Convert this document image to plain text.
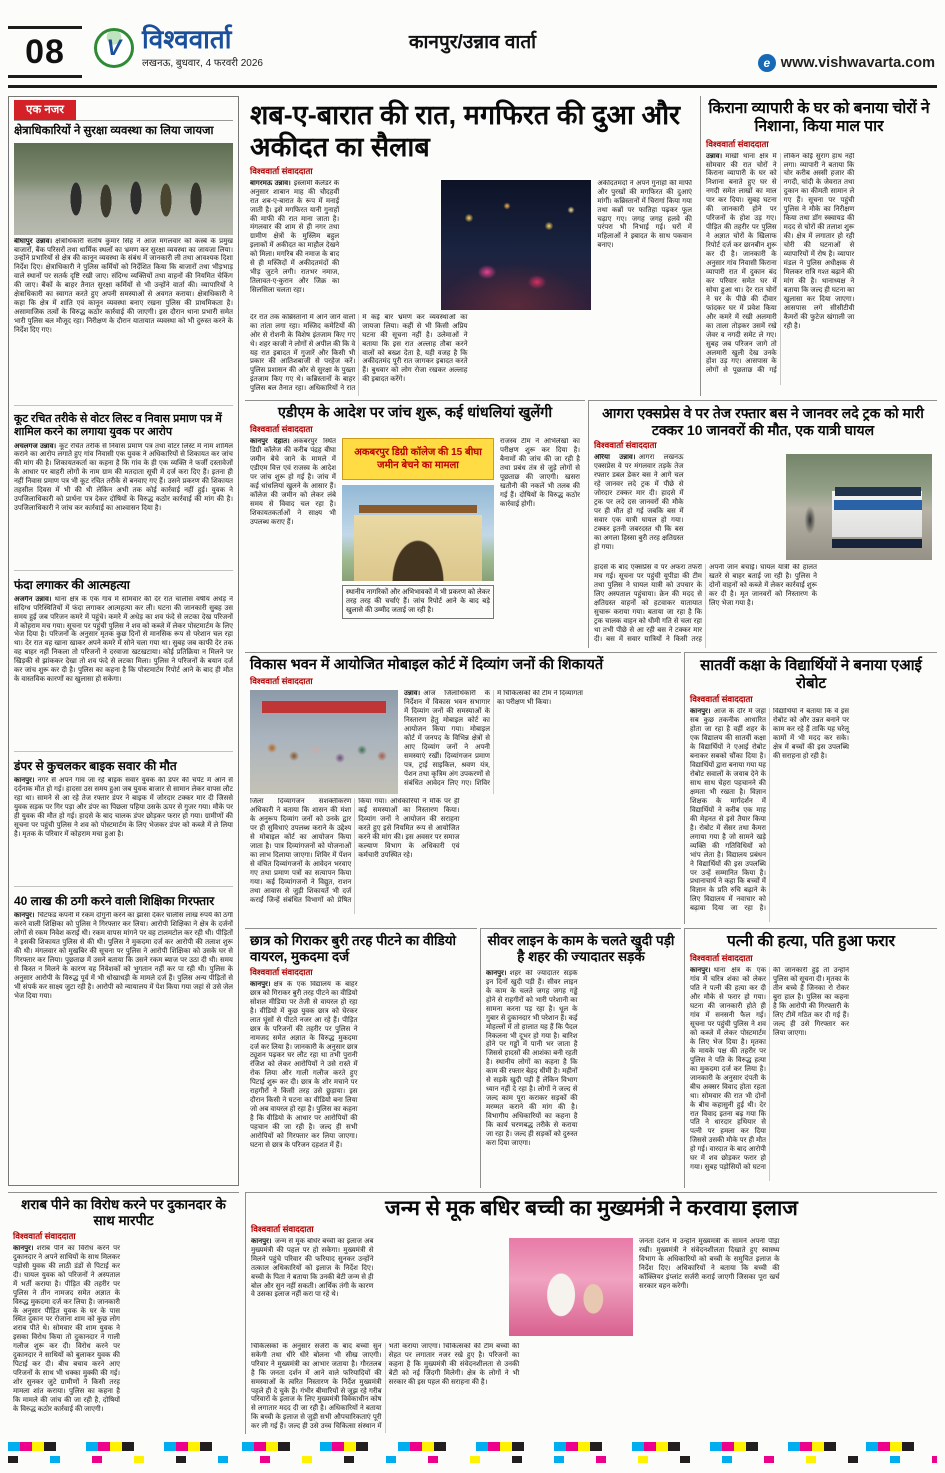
08	V विश्ववार्ता
लखनऊ, बुधवार, 4 फरवरी 2026
कानपुर/उन्नाव वार्ता
e www.vishwavarta.com
एक नजर
क्षेत्राधिकारियों ने सुरक्षा व्यवस्था का लिया जायजा
बीघापुर उन्नाव। क्षेत्राधिकारी संतोष कुमार सिंह ने आज मंगलवार को कस्बे के प्रमुख बाजारों, बैंक परिसरों तथा धार्मिक स्थलों का भ्रमण कर सुरक्षा व्यवस्था का जायजा लिया। उन्होंने प्रभारियों से क्षेत्र की कानून व्यवस्था के संबंध में जानकारी ली तथा आवश्यक दिशा निर्देश दिए। क्षेत्राधिकारी ने पुलिस कर्मियों को निर्देशित किया कि बाजारों तथा भीड़भाड़ वाले स्थानों पर सतर्क दृष्टि रखी जाए। संदिग्ध व्यक्तियों तथा वाहनों की नियमित चेकिंग की जाए। बैंकों के बाहर तैनात सुरक्षा कर्मियों से भी उन्होंने वार्ता की। व्यापारियों ने क्षेत्राधिकारी का स्वागत करते हुए अपनी समस्याओं से अवगत कराया। क्षेत्राधिकारी ने कहा कि क्षेत्र में शांति एवं कानून व्यवस्था बनाए रखना पुलिस की प्राथमिकता है। असामाजिक तत्वों के विरुद्ध कठोर कार्रवाई की जाएगी। इस दौरान थाना प्रभारी समेत भारी पुलिस बल मौजूद रहा। निरीक्षण के दौरान यातायात व्यवस्था को भी दुरुस्त करने के निर्देश दिए गए।
कूट रचित तरीके से वोटर लिस्ट व निवास प्रमाण पत्र में शामिल करने का लगाया युवक पर आरोप
अचलगंज उन्नाव। कूट रचित तरीके से निवास प्रमाण पत्र तथा वोटर लिस्ट में नाम शामिल कराने का आरोप लगाते हुए गांव निवासी एक युवक ने अधिकारियों से शिकायत कर जांच की मांग की है। शिकायतकर्ता का कहना है कि गांव के ही एक व्यक्ति ने फर्जी दस्तावेजों के आधार पर बाहरी लोगों के नाम ग्राम की मतदाता सूची में दर्ज करा दिए हैं। इतना ही नहीं निवास प्रमाण पत्र भी कूट रचित तरीके से बनवाए गए हैं। उसने प्रकरण की शिकायत तहसील दिवस में भी की थी लेकिन अभी तक कोई कार्रवाई नहीं हुई। युवक ने उपजिलाधिकारी को प्रार्थना पत्र देकर दोषियों के विरुद्ध कठोर कार्रवाई की मांग की है। उपजिलाधिकारी ने जांच कर कार्रवाई का आश्वासन दिया है।
फंदा लगाकर की आत्महत्या
अजगैन उन्नाव। थाना क्षेत्र के एक गांव में सोमवार की देर रात चालीस वर्षीय अधेड़ ने संदिग्ध परिस्थितियों में फंदा लगाकर आत्महत्या कर ली। घटना की जानकारी सुबह उस समय हुई जब परिजन कमरे में पहुंचे। कमरे में अधेड़ का शव फंदे से लटका देख परिजनों में कोहराम मच गया। सूचना पर पहुंची पुलिस ने शव को कब्जे में लेकर पोस्टमार्टम के लिए भेज दिया है। परिजनों के अनुसार मृतक कुछ दिनों से मानसिक रूप से परेशान चल रहा था। देर रात वह खाना खाकर अपने कमरे में सोने चला गया था। सुबह जब काफी देर तक वह बाहर नहीं निकला तो परिजनों ने दरवाजा खटखटाया। कोई प्रतिक्रिया न मिलने पर खिड़की से झांककर देखा तो शव फंदे से लटका मिला। पुलिस ने परिजनों के बयान दर्ज कर जांच शुरू कर दी है। पुलिस का कहना है कि पोस्टमार्टम रिपोर्ट आने के बाद ही मौत के वास्तविक कारणों का खुलासा हो सकेगा।
डंपर से कुचलकर बाइक सवार की मौत
कानपुर। नगर से अपने गांव जा रहे बाइक सवार युवक की डंपर की चपेट में आने से दर्दनाक मौत हो गई। हादसा उस समय हुआ जब युवक बाजार से सामान लेकर वापस लौट रहा था। सामने से आ रहे तेज रफ्तार डंपर ने बाइक में जोरदार टक्कर मार दी जिससे युवक सड़क पर गिर पड़ा और डंपर का पिछला पहिया उसके ऊपर से गुजर गया। मौके पर ही युवक की मौत हो गई। हादसे के बाद चालक डंपर छोड़कर फरार हो गया। ग्रामीणों की सूचना पर पहुंची पुलिस ने शव को पोस्टमार्टम के लिए भेजकर डंपर को कब्जे में ले लिया है। मृतक के परिवार में कोहराम मचा हुआ है।
40 लाख की ठगी करने वाली शिक्षिका गिरफ्तार
कानपुर। चिटफंड कंपनी में रकम दोगुनी करने का झांसा देकर चालीस लाख रुपये की ठगी करने वाली शिक्षिका को पुलिस ने गिरफ्तार कर लिया। आरोपी शिक्षिका ने क्षेत्र के दर्जनों लोगों से रकम निवेश कराई थी। रकम वापस मांगने पर वह टालमटोल कर रही थी। पीड़ितों ने इसकी शिकायत पुलिस से की थी। पुलिस ने मुकदमा दर्ज कर आरोपी की तलाश शुरू की थी। मंगलवार को मुखबिर की सूचना पर पुलिस ने आरोपी शिक्षिका को उसके घर से गिरफ्तार कर लिया। पूछताछ में उसने बताया कि उसने रकम ब्याज पर उठा दी थी। समय से किस्त न मिलने के कारण वह निवेशकों को भुगतान नहीं कर पा रही थी। पुलिस के अनुसार आरोपी के विरुद्ध पूर्व में भी धोखाधड़ी के मामले दर्ज हैं। पुलिस अन्य पीड़ितों से भी संपर्क कर साक्ष्य जुटा रही है। आरोपी को न्यायालय में पेश किया गया जहां से उसे जेल भेज दिया गया।
शब-ए-बारात की रात, मगफिरत की दुआ और अकीदत का सैलाब
विश्ववार्ता संवाददाता
बांगरमऊ उन्नाव। इस्लामी कैलेंडर के अनुसार शाबान माह की चौदहवीं रात शब-ए-बारात के रूप में मनाई जाती है। इसे मगफिरत यानी गुनाहों की माफी की रात माना जाता है। मंगलवार की शाम से ही नगर तथा ग्रामीण क्षेत्रों के मुस्लिम बहुल इलाकों में अकीदत का माहौल देखने को मिला। मगरिब की नमाज के बाद से ही मस्जिदों में अकीदतमंदों की भीड़ जुटने लगी। रातभर नमाज, तिलावत-ए-कुरान और जिक्र का सिलसिला चलता रहा।
अकीदतमंदों ने अपने गुनाहों की माफी और पुरखों की मगफिरत की दुआएं मांगीं। कब्रिस्तानों में चिरागां किया गया तथा कब्रों पर फातिहा पढ़कर फूल चढ़ाए गए। जगह जगह हलवे की परंपरा भी निभाई गई। घरों में महिलाओं ने इबादत के साथ पकवान बनाए।
देर रात तक कब्रिस्तानों में आने जाने वालों का तांता लगा रहा। मस्जिद कमेटियों की ओर से रोशनी के विशेष इंतजाम किए गए थे। शहर काजी ने लोगों से अपील की कि वे यह रात इबादत में गुजारें और किसी भी प्रकार की आतिशबाजी से परहेज करें। पुलिस प्रशासन की ओर से सुरक्षा के पुख्ता इंतजाम किए गए थे। कब्रिस्तानों के बाहर पुलिस बल तैनात रहा। अधिकारियों ने रात में कई बार भ्रमण कर व्यवस्थाओं का जायजा लिया। कहीं से भी किसी अप्रिय घटना की सूचना नहीं है। उलेमाओं ने बताया कि इस रात अल्लाह तौबा करने वालों को बख्श देता है, यही वजह है कि अकीदतमंद पूरी रात जागकर इबादत करते हैं। बुधवार को लोग रोजा रखकर अल्लाह की इबादत करेंगे।
किराना व्यापारी के घर को बनाया चोरों ने निशाना, किया माल पार
विश्ववार्ता संवाददाता
उन्नाव। मांखी थाना क्षेत्र में सोमवार की रात चोरों ने किराना व्यापारी के घर को निशाना बनाते हुए घर से नगदी समेत लाखों का माल पार कर दिया। सुबह घटना की जानकारी होने पर परिजनों के होश उड़ गए। पीड़ित की तहरीर पर पुलिस ने अज्ञात चोरों के खिलाफ रिपोर्ट दर्ज कर छानबीन शुरू कर दी है। जानकारी के अनुसार गांव निवासी किराना व्यापारी रात में दुकान बंद कर परिवार समेत घर में सोया हुआ था। देर रात चोरों ने घर के पीछे की दीवार फांदकर घर में प्रवेश किया और कमरे में रखी अलमारी का ताला तोड़कर उसमें रखे जेवर व नगदी समेट ले गए। सुबह जब परिजन जागे तो अलमारी खुली देख उनके होश उड़ गए। आसपास के लोगों से पूछताछ की गई लेकिन कोई सुराग हाथ नहीं लगा। व्यापारी ने बताया कि चोर करीब अस्सी हजार की नगदी, चांदी के जेवरात तथा दुकान का कीमती सामान ले गए हैं। सूचना पर पहुंची पुलिस ने मौके का निरीक्षण किया तथा डॉग स्क्वायड की मदद से चोरों की तलाश शुरू की। क्षेत्र में लगातार हो रही चोरी की घटनाओं से व्यापारियों में रोष है। व्यापार मंडल ने पुलिस अधीक्षक से मिलकर रात्रि गश्त बढ़ाने की मांग की है। थानाध्यक्ष ने बताया कि जल्द ही घटना का खुलासा कर दिया जाएगा। आसपास लगे सीसीटीवी कैमरों की फुटेज खंगाली जा रही है।
एडीएम के आदेश पर जांच शुरू, कई धांधलियां खुलेंगी
विश्ववार्ता संवाददाता
कानपुर देहात। अकबरपुर स्थित डिग्री कॉलेज की करीब पंद्रह बीघा जमीन बेचे जाने के मामले में एडीएम वित्त एवं राजस्व के आदेश पर जांच शुरू हो गई है। जांच में कई धांधलियां खुलने के आसार हैं। कॉलेज की जमीन को लेकर लंबे समय से विवाद चल रहा है। शिकायतकर्ताओं ने साक्ष्य भी उपलब्ध कराए हैं।
अकबरपुर डिग्री कॉलेज की 15 बीघा जमीन बेचने का मामला
स्थानीय नागरिकों और अभिभावकों में भी प्रकरण को लेकर तरह तरह की चर्चाएं हैं। जांच रिपोर्ट आने के बाद बड़े खुलासे की उम्मीद जताई जा रही है।
राजस्व टीम ने अभिलेखों का परीक्षण शुरू कर दिया है। बैनामों की जांच की जा रही है तथा प्रबंध तंत्र से जुड़े लोगों से पूछताछ की जाएगी। खसरा खतौनी की नकलें भी तलब की गई हैं। दोषियों के विरुद्ध कठोर कार्रवाई होगी।
आगरा एक्सप्रेस वे पर तेज रफ्तार बस ने जानवर लदे ट्रक को मारी टक्कर 10 जानवरों की मौत, एक यात्री घायल
विश्ववार्ता संवाददाता
औरैया उन्नाव। आगरा लखनऊ एक्सप्रेस वे पर मंगलवार तड़के तेज रफ्तार डबल डेकर बस ने आगे चल रहे जानवर लदे ट्रक में पीछे से जोरदार टक्कर मार दी। हादसे में ट्रक पर लदे दस जानवरों की मौके पर ही मौत हो गई जबकि बस में सवार एक यात्री घायल हो गया। टक्कर इतनी जबरदस्त थी कि बस का अगला हिस्सा बुरी तरह क्षतिग्रस्त हो गया।
हादसे के बाद एक्सप्रेस वे पर अफरा तफरी मच गई। सूचना पर पहुंची यूपीडा की टीम तथा पुलिस ने घायल यात्री को उपचार के लिए अस्पताल पहुंचाया। क्रेन की मदद से क्षतिग्रस्त वाहनों को हटवाकर यातायात सुचारू कराया गया। बताया जा रहा है कि ट्रक चालक वाहन को धीमी गति से चला रहा था तभी पीछे से आ रही बस ने टक्कर मार दी। बस में सवार यात्रियों ने किसी तरह अपनी जान बचाई। घायल यात्री की हालत खतरे से बाहर बताई जा रही है। पुलिस ने दोनों वाहनों को कब्जे में लेकर कार्रवाई शुरू कर दी है। मृत जानवरों को निस्तारण के लिए भेजा गया है।
विकास भवन में आयोजित मोबाइल कोर्ट में दिव्यांग जनों की शिकायतें
विश्ववार्ता संवाददाता
उन्नाव। आज जिलाधिकारी के निर्देशन में विकास भवन सभागार में दिव्यांग जनों की समस्याओं के निस्तारण हेतु मोबाइल कोर्ट का आयोजन किया गया। मोबाइल कोर्ट में जनपद के विभिन्न क्षेत्रों से आए दिव्यांग जनों ने अपनी समस्याएं रखीं। दिव्यांगजन प्रमाण पत्र, ट्राई साइकिल, श्रवण यंत्र, पेंशन तथा कृत्रिम अंग उपकरणों से संबंधित आवेदन लिए गए। शिविर में चिकित्सकों की टीम ने दिव्यांगता का परीक्षण भी किया।
जिला दिव्यांगजन सशक्तीकरण अधिकारी ने बताया कि शासन की मंशा के अनुरूप दिव्यांग जनों को उनके द्वार पर ही सुविधाएं उपलब्ध कराने के उद्देश्य से मोबाइल कोर्ट का आयोजन किया जाता है। पात्र दिव्यांगजनों को योजनाओं का लाभ दिलाया जाएगा। शिविर में पेंशन से वंचित दिव्यांगजनों के आवेदन भरवाए गए तथा प्रमाण पत्रों का सत्यापन किया गया। कई दिव्यांगजनों ने विद्युत, राशन तथा आवास से जुड़ी शिकायतें भी दर्ज कराईं जिन्हें संबंधित विभागों को प्रेषित किया गया। अधिकारियों ने मौके पर ही कई समस्याओं का निस्तारण किया। दिव्यांग जनों ने आयोजन की सराहना करते हुए इसे नियमित रूप से आयोजित करने की मांग की। इस अवसर पर समाज कल्याण विभाग के अधिकारी एवं कर्मचारी उपस्थित रहे।
सातवीं कक्षा के विद्यार्थियों ने बनाया एआई रोबोट
विश्ववार्ता संवाददाता
कानपुर। आज के दौर में जहां सब कुछ तकनीक आधारित होता जा रहा है वहीं शहर के एक विद्यालय की सातवीं कक्षा के विद्यार्थियों ने एआई रोबोट बनाकर सबको चौंका दिया है। विद्यार्थियों द्वारा बनाया गया यह रोबोट सवालों के जवाब देने के साथ साथ चेहरा पहचानने की क्षमता भी रखता है। विज्ञान शिक्षक के मार्गदर्शन में विद्यार्थियों ने करीब एक माह की मेहनत से इसे तैयार किया है। रोबोट में सेंसर तथा कैमरा लगाया गया है जो सामने खड़े व्यक्ति की गतिविधियों को भांप लेता है। विद्यालय प्रबंधन ने विद्यार्थियों की इस उपलब्धि पर उन्हें सम्मानित किया है। प्रधानाचार्य ने कहा कि बच्चों में विज्ञान के प्रति रुचि बढ़ाने के लिए विद्यालय में नवाचार को बढ़ावा दिया जा रहा है। विद्यार्थियों ने बताया कि वे इस रोबोट को और उन्नत बनाने पर काम कर रहे हैं ताकि यह घरेलू कामों में भी मदद कर सके। क्षेत्र में बच्चों की इस उपलब्धि की सराहना हो रही है।
छात्र को गिराकर बुरी तरह पीटने का वीडियो वायरल, मुकदमा दर्ज
विश्ववार्ता संवाददाता
कानपुर। क्षेत्र के एक विद्यालय के बाहर छात्र को गिराकर बुरी तरह पीटने का वीडियो सोशल मीडिया पर तेजी से वायरल हो रहा है। वीडियो में कुछ युवक छात्र को घेरकर लात घूंसों से पीटते नजर आ रहे हैं। पीड़ित छात्र के परिजनों की तहरीर पर पुलिस ने नामजद समेत अज्ञात के विरुद्ध मुकदमा दर्ज कर लिया है। जानकारी के अनुसार छात्र ट्यूशन पढ़कर घर लौट रहा था तभी पुरानी रंजिश को लेकर आरोपियों ने उसे रास्ते में रोक लिया और गाली गलौज करते हुए पिटाई शुरू कर दी। छात्र के शोर मचाने पर राहगीरों ने किसी तरह उसे छुड़ाया। इस दौरान किसी ने घटना का वीडियो बना लिया जो अब वायरल हो रहा है। पुलिस का कहना है कि वीडियो के आधार पर आरोपियों की पहचान की जा रही है। जल्द ही सभी आरोपियों को गिरफ्तार कर लिया जाएगा। घटना से छात्र के परिजन दहशत में हैं।
सीवर लाइन के काम के चलते खुदी पड़ी है शहर की ज्यादातर सड़कें
कानपुर। शहर की ज्यादातर सड़कें इन दिनों खुदी पड़ी हैं। सीवर लाइन के काम के चलते जगह जगह गड्ढे होने से राहगीरों को भारी परेशानी का सामना करना पड़ रहा है। धूल के गुबार से दुकानदार भी परेशान हैं। कई मोहल्लों में तो हालात यह हैं कि पैदल निकलना भी दूभर हो गया है। बारिश होने पर गड्ढों में पानी भर जाता है जिससे हादसों की आशंका बनी रहती है। स्थानीय लोगों का कहना है कि काम की रफ्तार बेहद धीमी है। महीनों से सड़कें खुदी पड़ी हैं लेकिन विभाग ध्यान नहीं दे रहा है। लोगों ने जल्द से जल्द काम पूरा कराकर सड़कों की मरम्मत कराने की मांग की है। विभागीय अधिकारियों का कहना है कि कार्य चरणबद्ध तरीके से कराया जा रहा है। जल्द ही सड़कों को दुरुस्त करा दिया जाएगा।
पत्नी की हत्या, पति हुआ फरार
विश्ववार्ता संवाददाता
कानपुर। थाना क्षेत्र के एक गांव में चरित्र शंका को लेकर पति ने पत्नी की हत्या कर दी और मौके से फरार हो गया। घटना की जानकारी होते ही गांव में सनसनी फैल गई। सूचना पर पहुंची पुलिस ने शव को कब्जे में लेकर पोस्टमार्टम के लिए भेज दिया है। मृतका के मायके पक्ष की तहरीर पर पुलिस ने पति के विरुद्ध हत्या का मुकदमा दर्ज कर लिया है। जानकारी के अनुसार दंपती के बीच अक्सर विवाद होता रहता था। सोमवार की रात भी दोनों के बीच कहासुनी हुई थी। देर रात विवाद इतना बढ़ गया कि पति ने धारदार हथियार से पत्नी पर हमला कर दिया जिससे उसकी मौके पर ही मौत हो गई। वारदात के बाद आरोपी घर में शव छोड़कर फरार हो गया। सुबह पड़ोसियों को घटना की जानकारी हुई तो उन्होंने पुलिस को सूचना दी। मृतका के तीन बच्चे हैं जिनका रो रोकर बुरा हाल है। पुलिस का कहना है कि आरोपी की गिरफ्तारी के लिए टीमें गठित कर दी गई हैं। जल्द ही उसे गिरफ्तार कर लिया जाएगा।
शराब पीने का विरोध करने पर दुकानदार के साथ मारपीट
विश्ववार्ता संवाददाता
कानपुर। शराब पीने का विरोध करने पर दुकानदार ने अपने साथियों के साथ मिलकर पड़ोसी युवक की लाठी डंडों से पिटाई कर दी। घायल युवक को परिजनों ने अस्पताल में भर्ती कराया है। पीड़ित की तहरीर पर पुलिस ने तीन नामजद समेत अज्ञात के विरुद्ध मुकदमा दर्ज कर लिया है। जानकारी के अनुसार पीड़ित युवक के घर के पास स्थित दुकान पर रोजाना शाम को कुछ लोग शराब पीते थे। सोमवार की शाम युवक ने इसका विरोध किया तो दुकानदार ने गाली गलौज शुरू कर दी। विरोध करने पर दुकानदार ने साथियों को बुलाकर युवक की पिटाई कर दी। बीच बचाव करने आए परिजनों के साथ भी धक्का मुक्की की गई। शोर सुनकर जुटे ग्रामीणों ने किसी तरह मामला शांत कराया। पुलिस का कहना है कि मामले की जांच की जा रही है, दोषियों के विरुद्ध कठोर कार्रवाई की जाएगी।
जन्म से मूक बधिर बच्ची का मुख्यमंत्री ने करवाया इलाज
विश्ववार्ता संवाददाता
कानपुर। जन्म से मूक बधिर बच्ची का इलाज अब मुख्यमंत्री की पहल पर हो सकेगा। मुख्यमंत्री से मिलने पहुंचे परिवार की फरियाद सुनकर उन्होंने तत्काल अधिकारियों को इलाज के निर्देश दिए। बच्ची के पिता ने बताया कि उनकी बेटी जन्म से ही बोल और सुन नहीं सकती। आर्थिक तंगी के कारण वे उसका इलाज नहीं करा पा रहे थे।
जनता दर्शन में उन्होंने मुख्यमंत्री के सामने अपनी पीड़ा रखी। मुख्यमंत्री ने संवेदनशीलता दिखाते हुए स्वास्थ्य विभाग के अधिकारियों को बच्ची के समुचित इलाज के निर्देश दिए। अधिकारियों ने बताया कि बच्ची की कॉक्लियर इंप्लांट सर्जरी कराई जाएगी जिसका पूरा खर्च सरकार वहन करेगी।
चिकित्सकों के अनुसार सर्जरी के बाद बच्ची सुन सकेगी तथा धीरे धीरे बोलना भी सीख जाएगी। परिवार ने मुख्यमंत्री का आभार जताया है। गौरतलब है कि जनता दर्शन में आने वाले फरियादियों की समस्याओं के त्वरित निस्तारण के निर्देश मुख्यमंत्री पहले ही दे चुके हैं। गंभीर बीमारियों से जूझ रहे गरीब परिवारों के इलाज के लिए मुख्यमंत्री विवेकाधीन कोष से लगातार मदद दी जा रही है। अधिकारियों ने बताया कि बच्ची के इलाज से जुड़ी सभी औपचारिकताएं पूरी कर ली गई हैं। जल्द ही उसे उच्च चिकित्सा संस्थान में भर्ती कराया जाएगा। चिकित्सकों की टीम बच्ची की सेहत पर लगातार नजर रखे हुए है। परिजनों का कहना है कि मुख्यमंत्री की संवेदनशीलता से उनकी बेटी को नई जिंदगी मिलेगी। क्षेत्र के लोगों ने भी सरकार की इस पहल की सराहना की है।
